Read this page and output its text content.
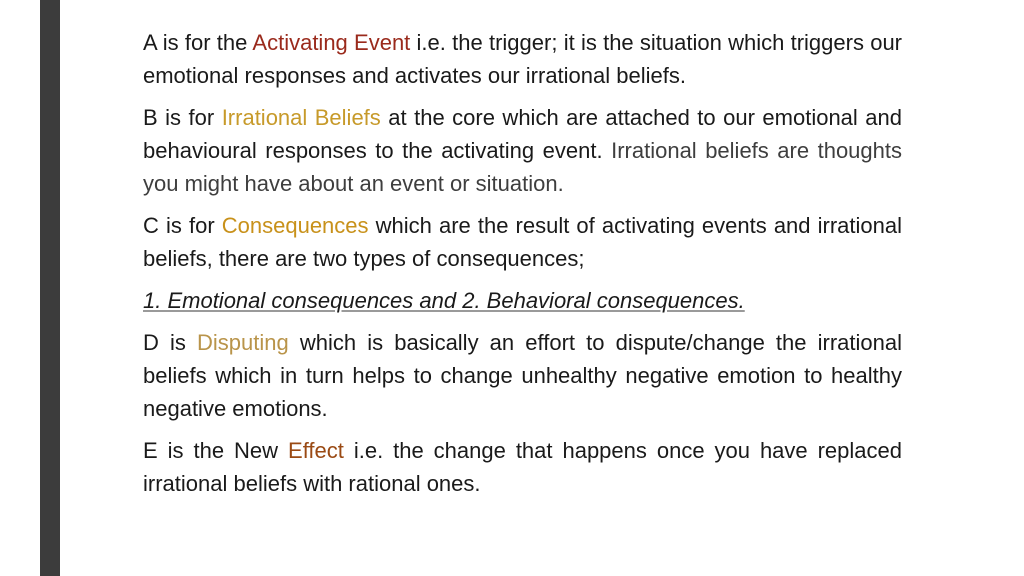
A is for the Activating Event i.e. the trigger; it is the situation which triggers our emotional responses and activates our irrational beliefs.

B is for Irrational Beliefs at the core which are attached to our emotional and behavioural responses to the activating event. Irrational beliefs are thoughts you might have about an event or situation.

C is for Consequences which are the result of activating events and irrational beliefs, there are two types of consequences;

1. Emotional consequences and 2. Behavioral consequences.

D is Disputing which is basically an effort to dispute/change the irrational beliefs which in turn helps to change unhealthy negative emotion to healthy negative emotions.

E is the New Effect i.e. the change that happens once you have replaced irrational beliefs with rational ones.
